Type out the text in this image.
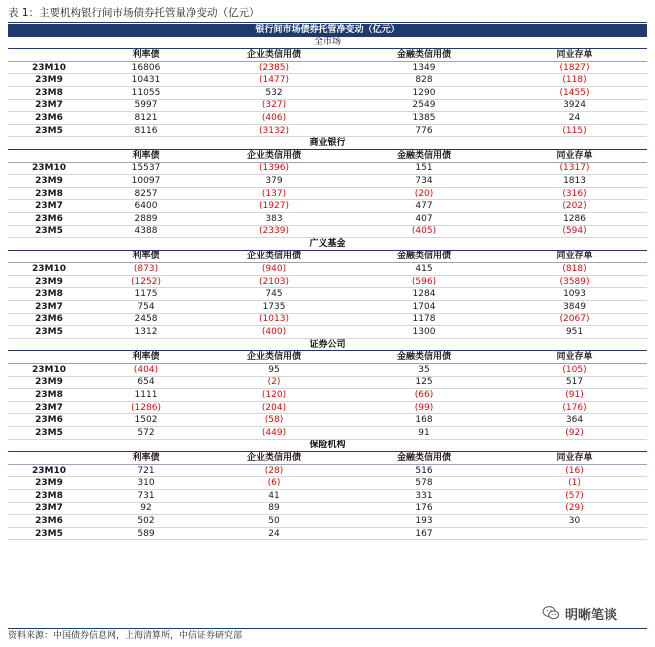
表 1：主要机构银行间市场债券托管量净变动（亿元）
银行间市场债券托管净变动（亿元）				
全市场				
	利率债	企业类信用债	金融类信用债	同业存单
23M10	16806	(2385)	1349	(1827)
23M9	10431	(1477)	828	(118)
23M8	11055	532	1290	(1455)
23M7	5997	(327)	2549	3924
23M6	8121	(406)	1385	24
23M5	8116	(3132)	776	(115)
商业银行				
	利率债	企业类信用债	金融类信用债	同业存单
23M10	15537	(1396)	151	(1317)
23M9	10097	379	734	1813
23M8	8257	(137)	(20)	(316)
23M7	6400	(1927)	477	(202)
23M6	2889	383	407	1286
23M5	4388	(2339)	(405)	(594)
广义基金				
	利率债	企业类信用债	金融类信用债	同业存单
23M10	(873)	(940)	415	(818)
23M9	(1252)	(2103)	(596)	(3589)
23M8	1175	745	1284	1093
23M7	754	1735	1704	3849
23M6	2458	(1013)	1178	(2067)
23M5	1312	(400)	1300	951
证券公司				
	利率债	企业类信用债	金融类信用债	同业存单
23M10	(404)	95	35	(105)
23M9	654	(2)	125	517
23M8	1111	(120)	(66)	(91)
23M7	(1286)	(204)	(99)	(176)
23M6	1502	(58)	168	364
23M5	572	(449)	91	(92)
保险机构				
	利率债	企业类信用债	金融类信用债	同业存单
23M10	721	(28)	516	(16)
23M9	310	(6)	578	(1)
23M8	731	41	331	(57)
23M7	92	89	176	(29)
23M6	502	50	193	30
23M5	589	24	167	
资料来源：中国债券信息网，上海清算所，中信证券研究部
明晰笔谈
